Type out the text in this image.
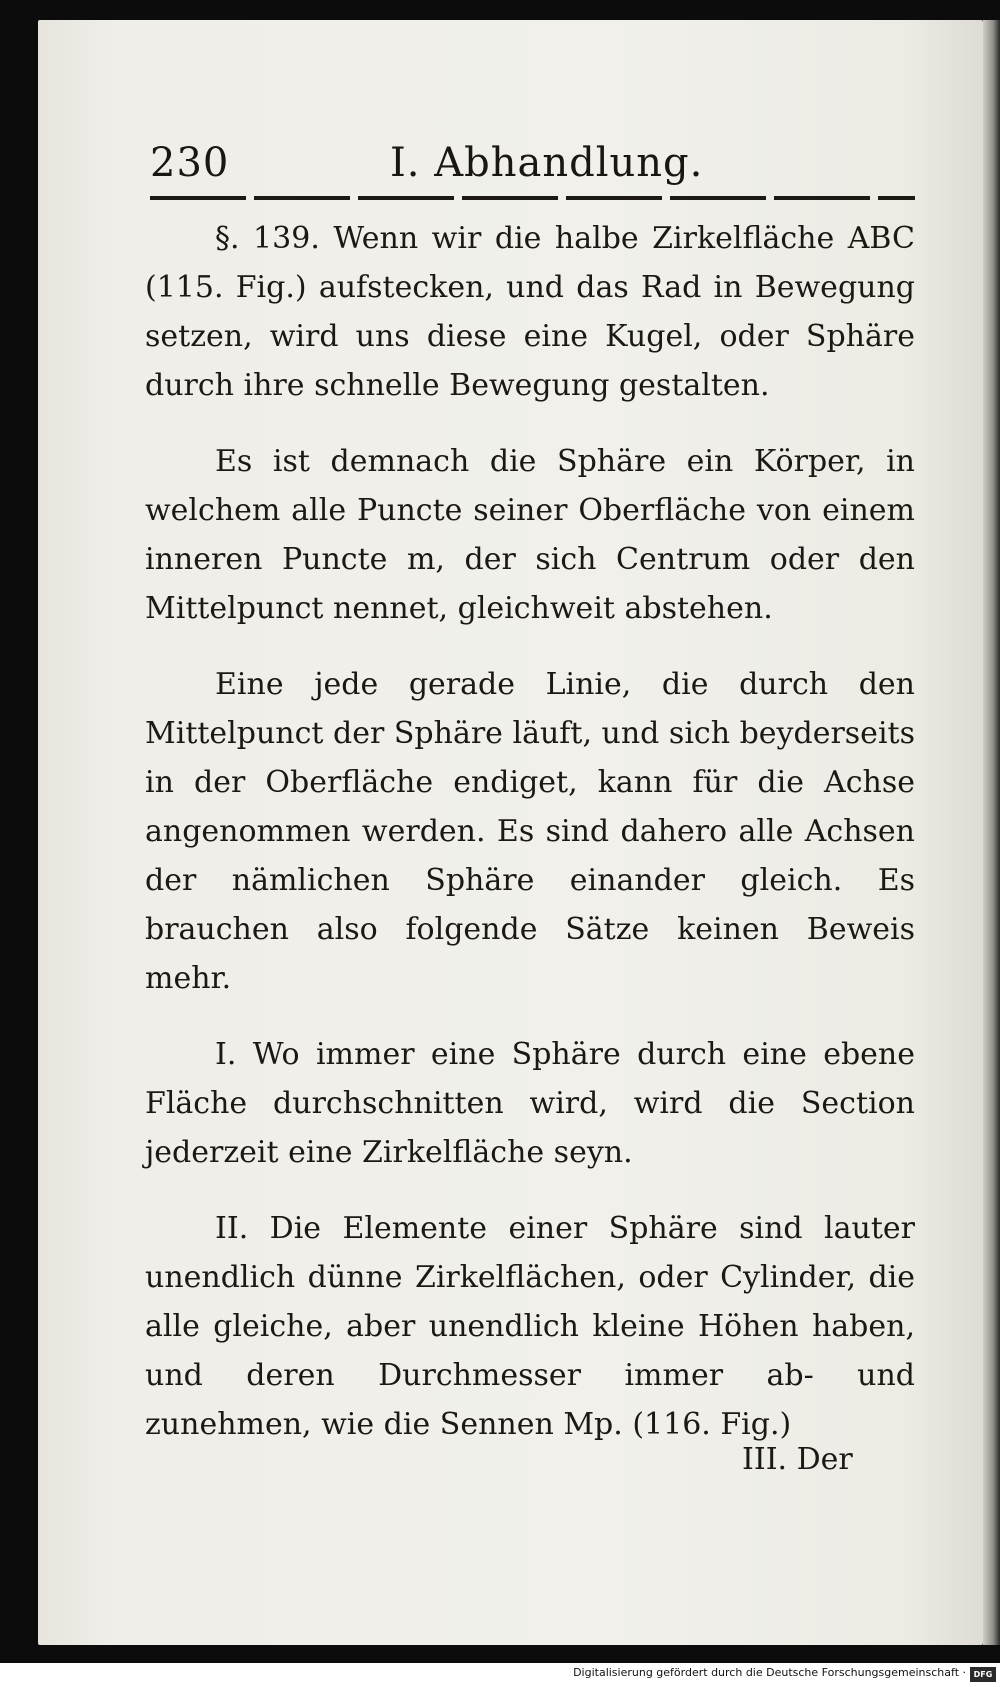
230	I. Abhandlung.

§. 139. Wenn wir die halbe Zirkelfläche ABC (115. Fig.) aufstecken, und das Rad in Bewegung setzen, wird uns diese eine Kugel, oder Sphäre durch ihre schnelle Bewegung gestalten.

Es ist demnach die Sphäre ein Körper, in welchem alle Puncte seiner Oberfläche von einem inneren Puncte m, der sich Centrum oder den Mittelpunct nennet, gleichweit abstehen.

Eine jede gerade Linie, die durch den Mittelpunct der Sphäre läuft, und sich beyderseits in der Oberfläche endiget, kann für die Achse angenommen werden. Es sind dahero alle Achsen der nämlichen Sphäre einander gleich. Es brauchen also folgende Sätze keinen Beweis mehr.

I. Wo immer eine Sphäre durch eine ebene Fläche durchschnitten wird, wird die Section jederzeit eine Zirkelfläche seyn.

II. Die Elemente einer Sphäre sind lauter unendlich dünne Zirkelflächen, oder Cylinder, die alle gleiche, aber unendlich kleine Höhen haben, und deren Durchmesser immer ab- und zunehmen, wie die Sennen Mp. (116. Fig.)

III. Der
Digitalisierung gefördert durch die Deutsche Forschungsgemeinschaft · DFG
